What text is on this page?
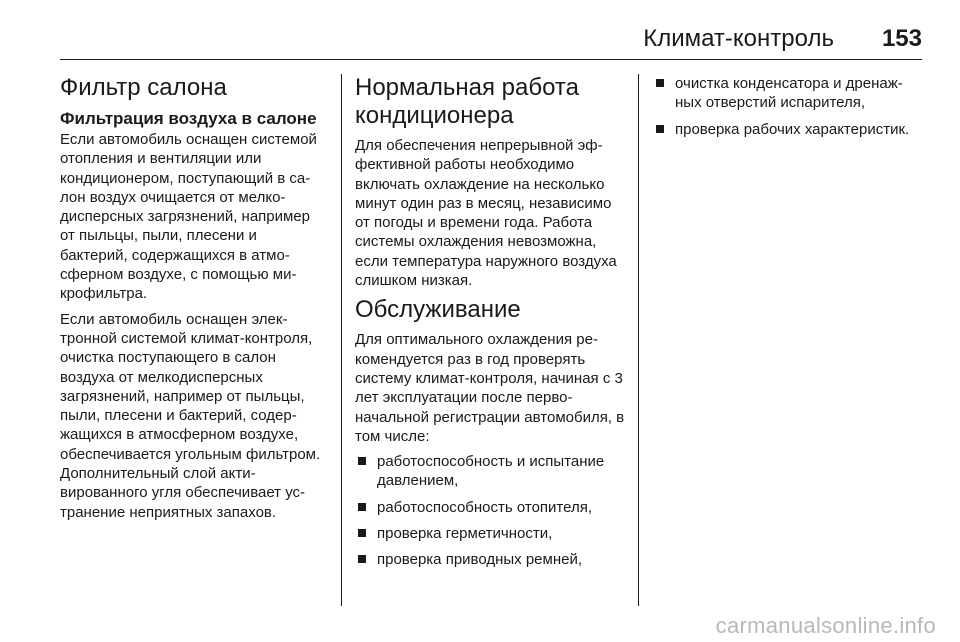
Климат-контроль 153
Фильтр салона
Фильтрация воздуха в салоне

Если автомобиль оснащен системой отопления и вентиляции или кондиционером, поступающий в салон воздух очищается от мелкодисперсных загрязнений, например от пыльцы, пыли, плесени и бактерий, содержащихся в атмосферном воздухе, с помощью микрофильтра.

Если автомобиль оснащен электронной системой климат-контроля, очистка поступающего в салон воздуха от мелкодисперсных загрязнений, например от пыльцы, пыли, плесени и бактерий, содержащихся в атмосферном воздухе, обеспечивается угольным фильтром. Дополнительный слой активированного угля обеспечивает устранение неприятных запахов.

Нормальная работа кондиционера

Для обеспечения непрерывной эффективной работы необходимо включать охлаждение на несколько минут один раз в месяц, независимо от погоды и времени года. Работа системы охлаждения невозможна, если температура наружного воздуха слишком низкая.

Обслуживание

Для оптимального охлаждения рекомендуется раз в год проверять систему климат-контроля, начиная с 3 лет эксплуатации после первоначальной регистрации автомобиля, в том числе:

работоспособность и испытание давлением,
работоспособность отопителя,
проверка герметичности,
проверка приводных ремней,
очистка конденсатора и дренажных отверстий испарителя,
проверка рабочих характеристик.
carmanualsonline.info
